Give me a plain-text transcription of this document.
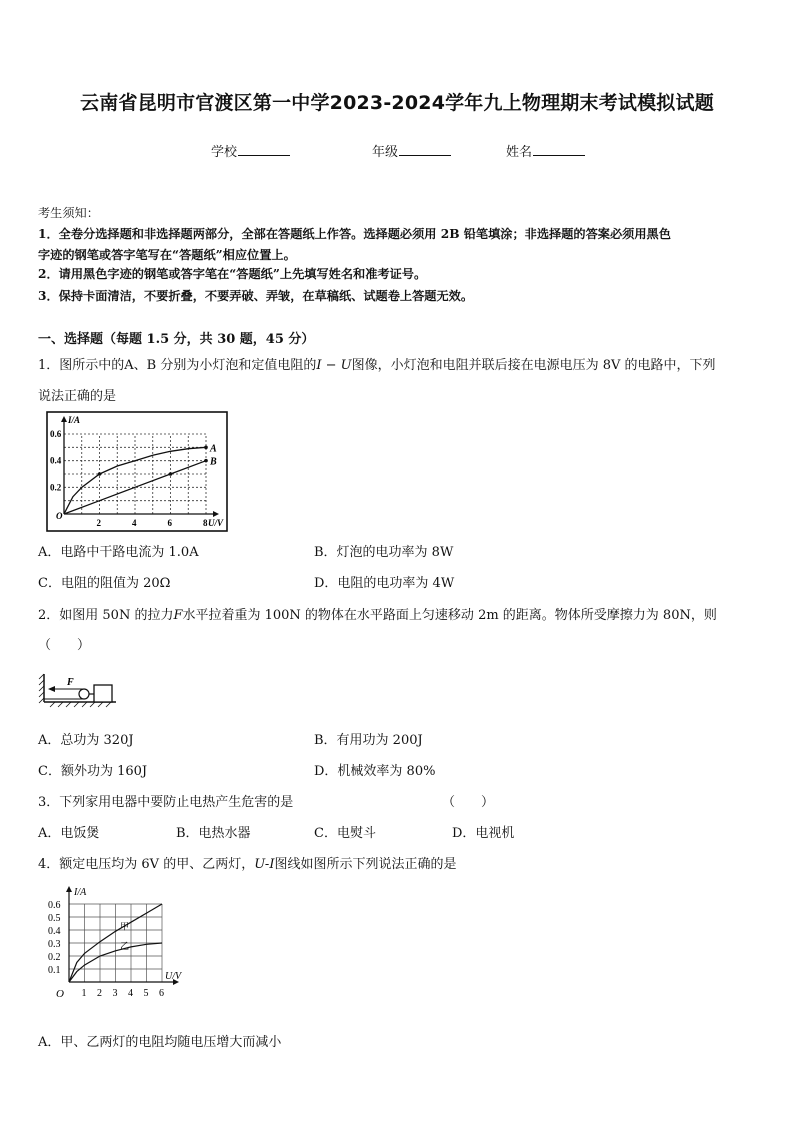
云南省昆明市官渡区第一中学2023-2024学年九上物理期末考试模拟试题
学校	年级	姓名
考生须知：
1．全卷分选择题和非选择题两部分，全部在答题纸上作答。选择题必须用 2B 铅笔填涂；非选择题的答案必须用黑色
字迹的钢笔或答字笔写在“答题纸”相应位置上。
2．请用黑色字迹的钢笔或答字笔在“答题纸”上先填写姓名和准考证号。
3．保持卡面清洁，不要折叠，不要弄破、弄皱，在草稿纸、试题卷上答题无效。
一、选择题（每题 1.5 分，共 30 题，45 分）
1．图所示中的A、B 分别为小灯泡和定值电阻的I − U图像，小灯泡和电阻并联后接在电源电压为 8V 的电路中，下列
说法正确的是
A
B
2	4	6	8
0.2
0.4
0.6
O
I/A
U/V
A．电路中干路电流为 1.0A	B．灯泡的电功率为 8W
C．电阻的阻值为 20Ω	D．电阻的电功率为 4W
2．如图用 50N 的拉力F水平拉着重为 100N 的物体在水平路面上匀速移动 2m 的距离。物体所受摩擦力为 80N，则
（　　）
F
A．总功为 320J	B．有用功为 200J
C．额外功为 160J	D．机械效率为 80%
3．下列家用电器中要防止电热产生危害的是	（　　）
A．电饭煲	B．电热水器	C．电熨斗	D．电视机
4．额定电压均为 6V 的甲、乙两灯，U-I图线如图所示下列说法正确的是
甲
乙
1 2 3 4 5 6
0.1
0.2
0.3
0.4
0.5
0.6
O
I/A
U/V
A．甲、乙两灯的电阻均随电压增大而减小
